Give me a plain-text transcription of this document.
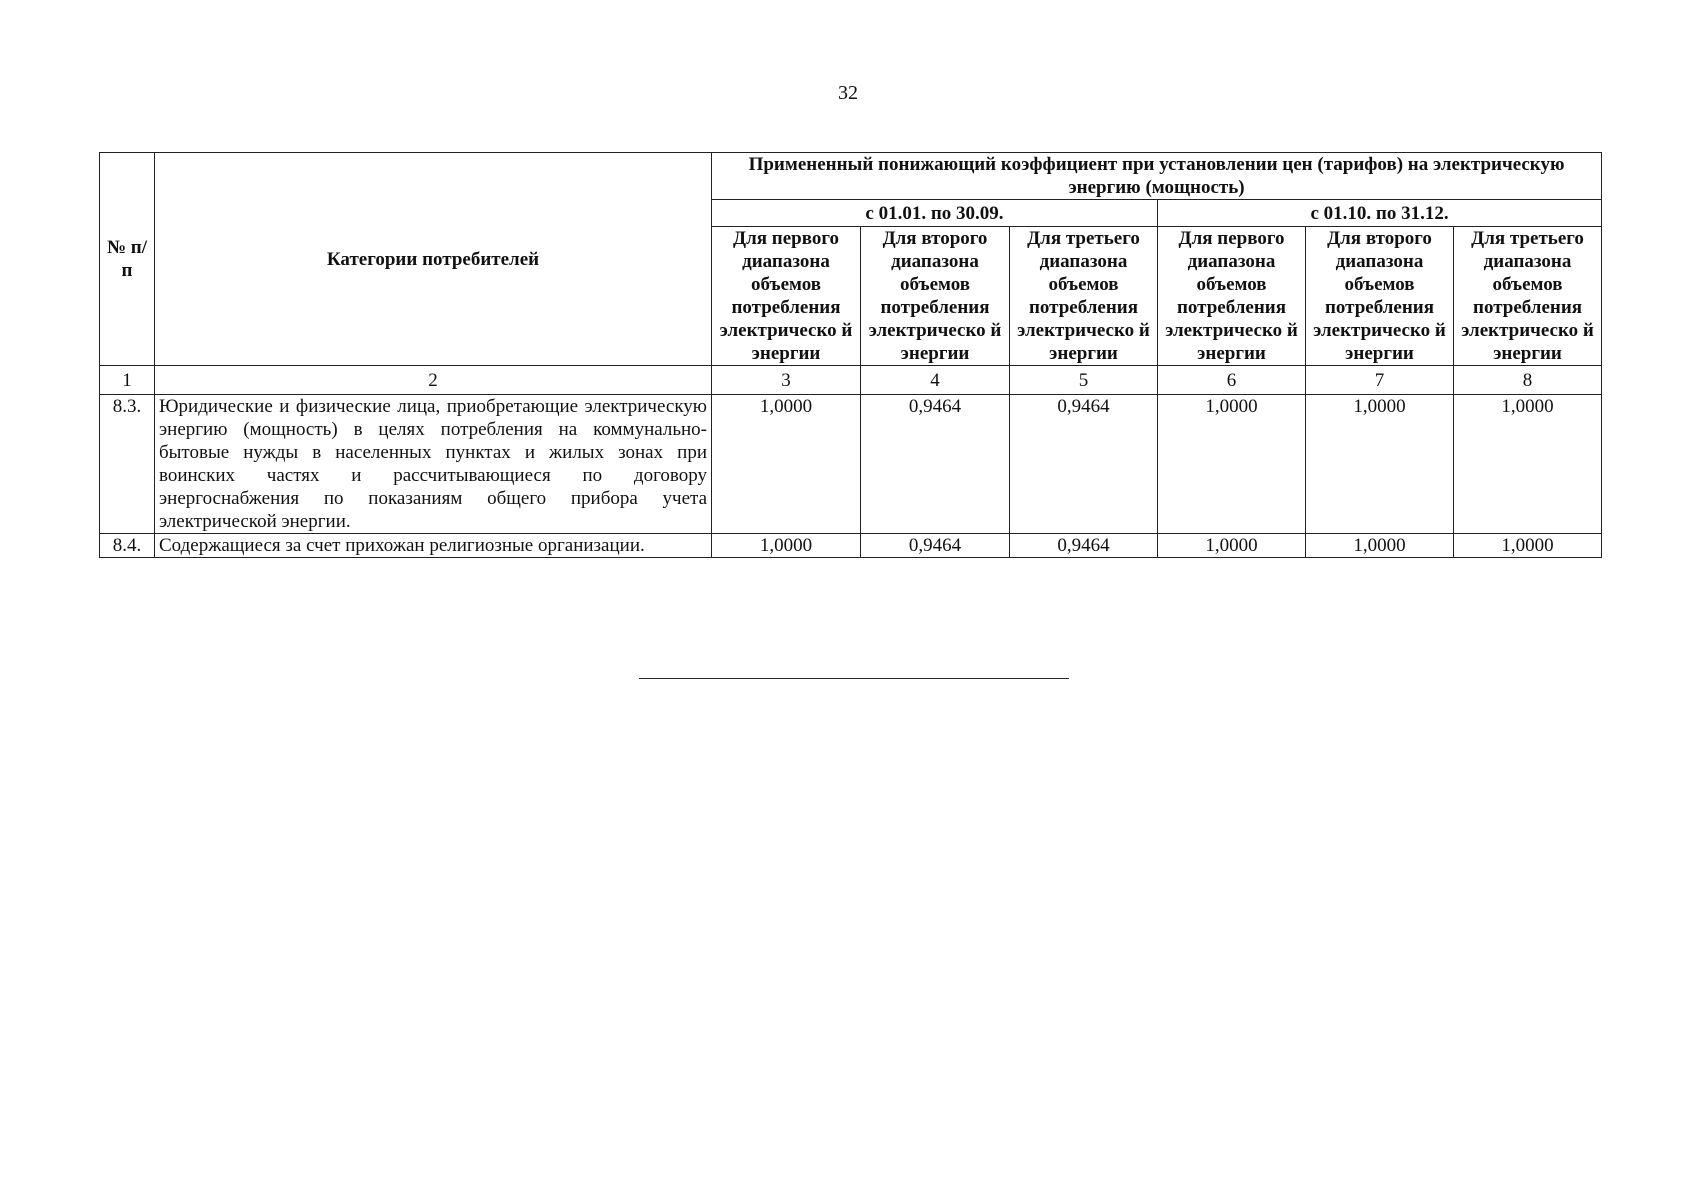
32
№ п/п	Категории потребителей	Примененный понижающий коэффициент при установлении цен (тарифов) на электрическую энергию (мощность)					
		с 01.01. по 30.09.			с 01.10. по 31.12.		
		Для первого диапазона объемов потребления электрическо й энергии	Для второго диапазона объемов потребления электрическо й энергии	Для третьего диапазона объемов потребления электрическо й энергии	Для первого диапазона объемов потребления электрическо й энергии	Для второго диапазона объемов потребления электрическо й энергии	Для третьего диапазона объемов потребления электрическо й энергии
1	2	3	4	5	6	7	8
8.3.	Юридические и физические лица, приобретающие электрическую энергию (мощность) в целях потребления на коммунально-бытовые нужды в населенных пунктах и жилых зонах при воинских частях и рассчитывающиеся по договору энергоснабжения по показаниям общего прибора учета электрической энергии.	1,0000	0,9464	0,9464	1,0000	1,0000	1,0000
8.4.	Содержащиеся за счет прихожан религиозные организации.	1,0000	0,9464	0,9464	1,0000	1,0000	1,0000
